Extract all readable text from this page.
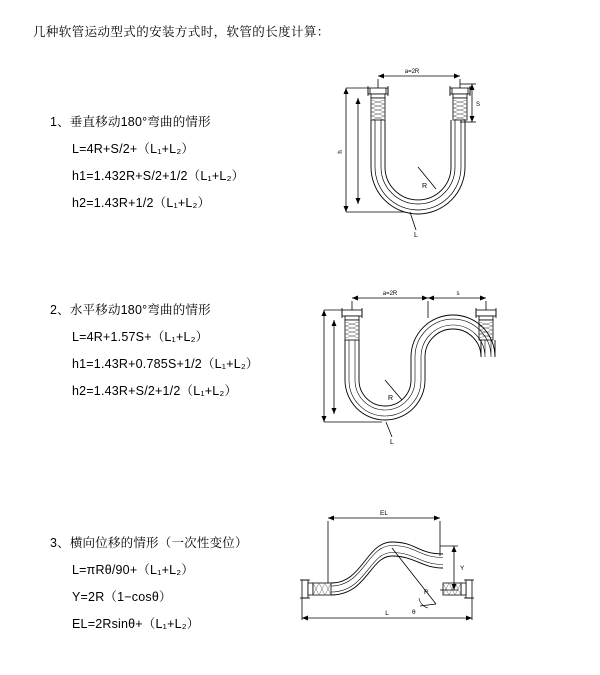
几种软管运动型式的安装方式时，软管的长度计算：
1、垂直移动180°弯曲的情形
L=4R+S/2+（L₁+L₂）
h1=1.432R+S/2+1/2（L₁+L₂）
h2=1.43R+1/2（L₁+L₂）
a=2R
S
R
L
h
2、水平移动180°弯曲的情形
L=4R+1.57S+（L₁+L₂）
h1=1.43R+0.785S+1/2（L₁+L₂）
h2=1.43R+S/2+1/2（L₁+L₂）
a=2R	s
R
L
3、横向位移的情形（一次性变位）
L=πRθ/90+（L₁+L₂）
Y=2R（1−cosθ）
EL=2Rsinθ+（L₁+L₂）
EL
θ
R
Y
L
